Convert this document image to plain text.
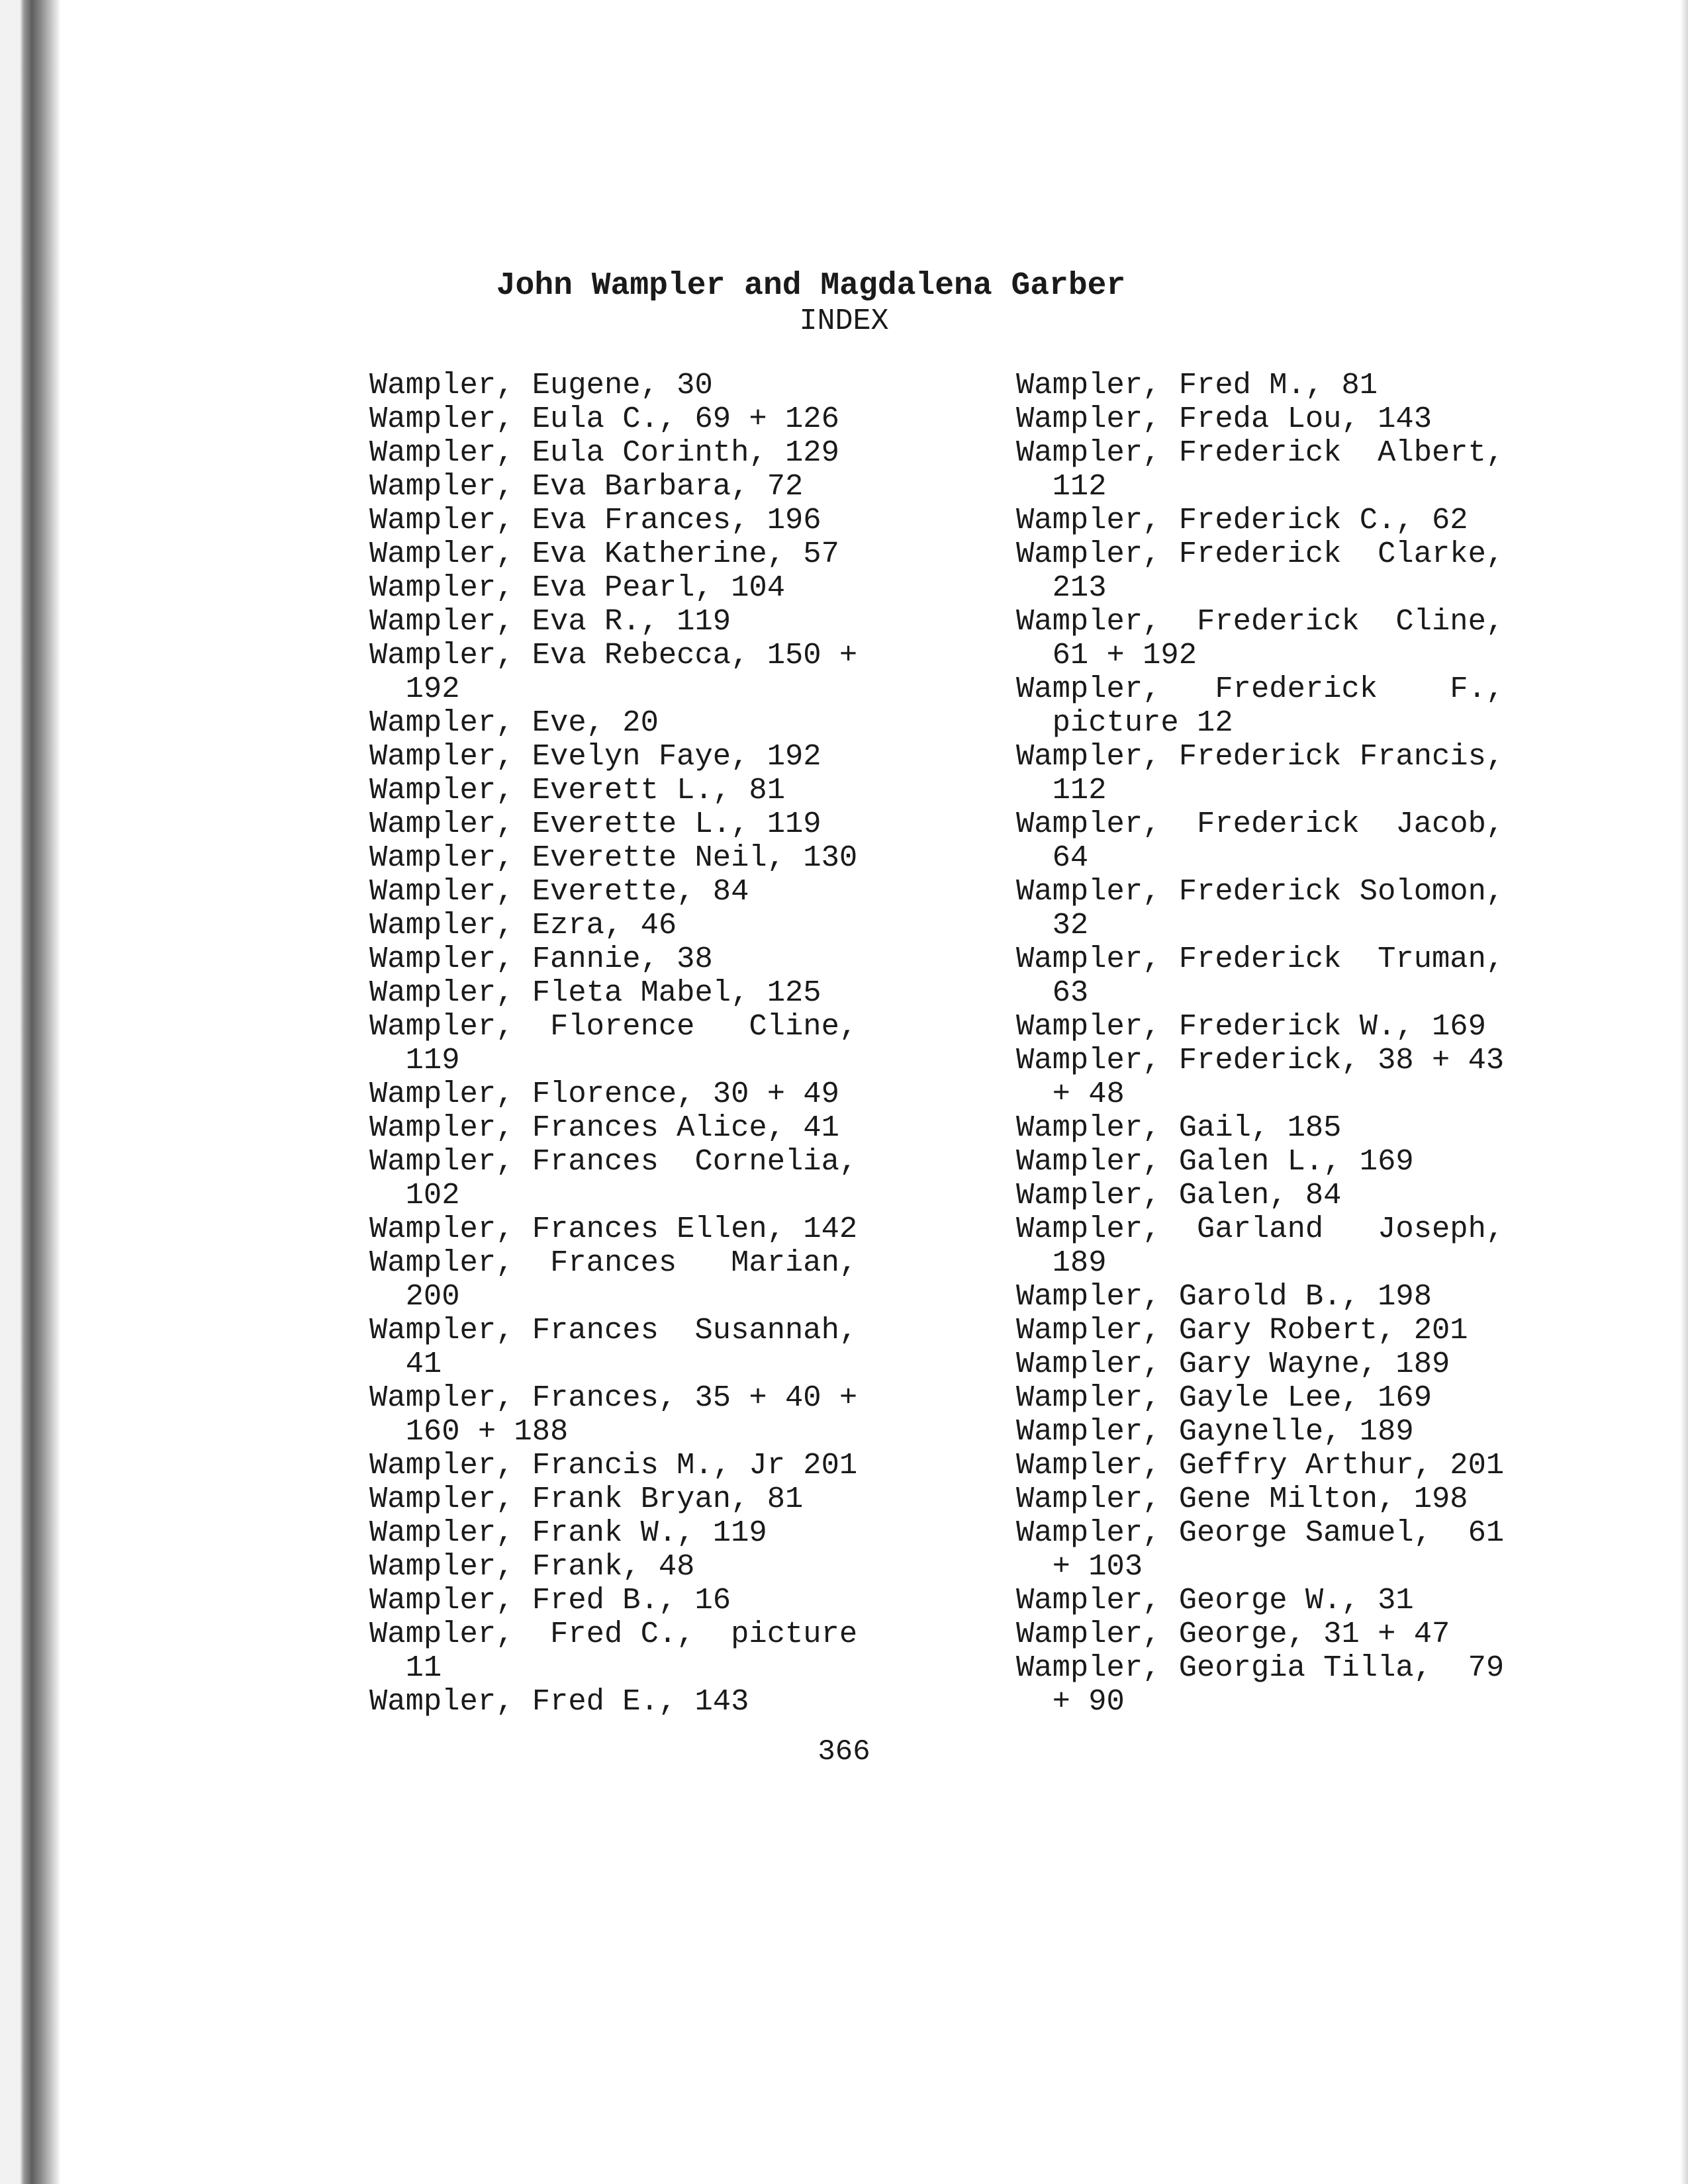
John Wampler and Magdalena Garber
INDEX
Wampler, Eugene, 30
Wampler, Eula C., 69 + 126
Wampler, Eula Corinth, 129
Wampler, Eva Barbara, 72
Wampler, Eva Frances, 196
Wampler, Eva Katherine, 57
Wampler, Eva Pearl, 104
Wampler, Eva R., 119
Wampler, Eva Rebecca, 150 +
192
Wampler, Eve, 20
Wampler, Evelyn Faye, 192
Wampler, Everett L., 81
Wampler, Everette L., 119
Wampler, Everette Neil, 130
Wampler, Everette, 84
Wampler, Ezra, 46
Wampler, Fannie, 38
Wampler, Fleta Mabel, 125
Wampler,  Florence   Cline,
119
Wampler, Florence, 30 + 49
Wampler, Frances Alice, 41
Wampler, Frances  Cornelia,
102
Wampler, Frances Ellen, 142
Wampler,  Frances   Marian,
200
Wampler, Frances  Susannah,
41
Wampler, Frances, 35 + 40 +
160 + 188
Wampler, Francis M., Jr 201
Wampler, Frank Bryan, 81
Wampler, Frank W., 119
Wampler, Frank, 48
Wampler, Fred B., 16
Wampler,  Fred C.,  picture
11
Wampler, Fred E., 143
Wampler, Fred M., 81
Wampler, Freda Lou, 143
Wampler, Frederick  Albert,
112
Wampler, Frederick C., 62
Wampler, Frederick  Clarke,
213
Wampler,  Frederick  Cline,
61 + 192
Wampler,   Frederick    F.,
picture 12
Wampler, Frederick Francis,
112
Wampler,  Frederick  Jacob,
64
Wampler, Frederick Solomon,
32
Wampler, Frederick  Truman,
63
Wampler, Frederick W., 169
Wampler, Frederick, 38 + 43
+ 48
Wampler, Gail, 185
Wampler, Galen L., 169
Wampler, Galen, 84
Wampler,  Garland   Joseph,
189
Wampler, Garold B., 198
Wampler, Gary Robert, 201
Wampler, Gary Wayne, 189
Wampler, Gayle Lee, 169
Wampler, Gaynelle, 189
Wampler, Geffry Arthur, 201
Wampler, Gene Milton, 198
Wampler, George Samuel,  61
+ 103
Wampler, George W., 31
Wampler, George, 31 + 47
Wampler, Georgia Tilla,  79
+ 90
366
